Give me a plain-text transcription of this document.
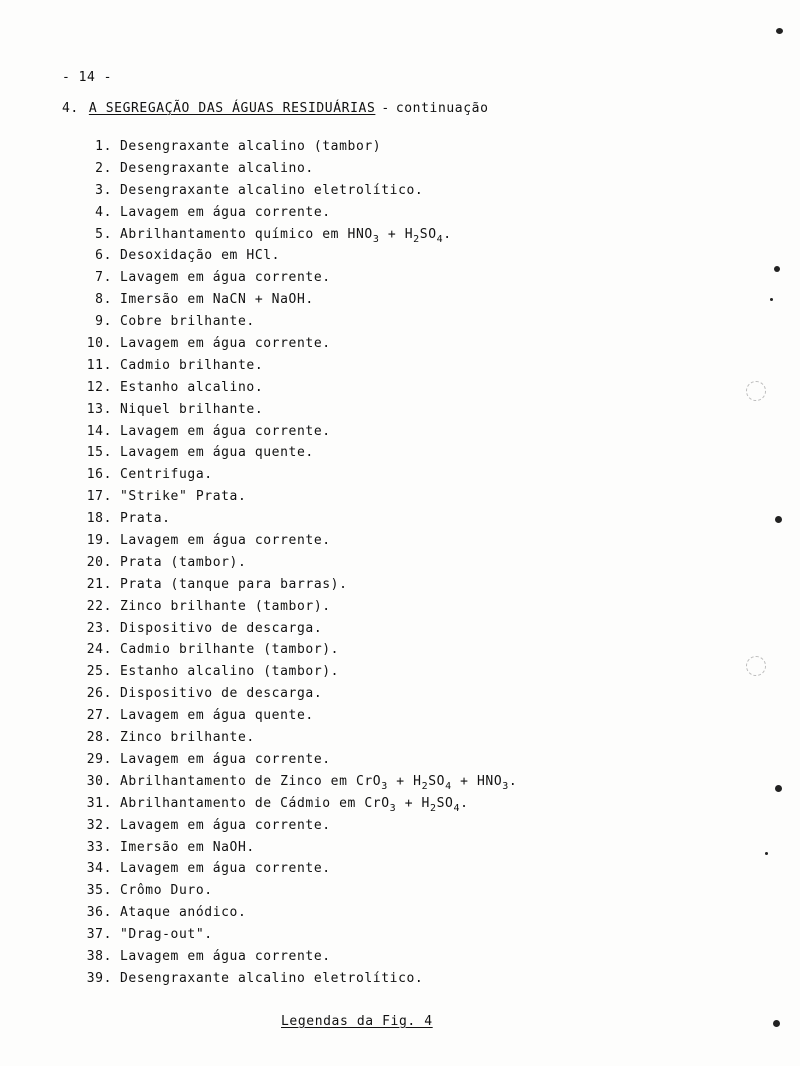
- 14 -
4. A SEGREGAÇÃO DAS ÁGUAS RESIDUÁRIAS - continuação
1. Desengraxante alcalino (tambor)
2. Desengraxante alcalino.
3. Desengraxante alcalino eletrolítico.
4. Lavagem em água corrente.
5. Abrilhantamento químico em $HNO_3 + H_2SO_4$.
6. Desoxidação em HCl.
7. Lavagem em água corrente.
8. Imersão em NaCN + NaOH.
9. Cobre brilhante.
10. Lavagem em água corrente.
11. Cadmio brilhante.
12. Estanho alcalino.
13. Niquel brilhante.
14. Lavagem em água corrente.
15. Lavagem em água quente.
16. Centrifuga.
17. "Strike" Prata.
18. Prata.
19. Lavagem em água corrente.
20. Prata (tambor).
21. Prata (tanque para barras).
22. Zinco brilhante (tambor).
23. Dispositivo de descarga.
24. Cadmio brilhante (tambor).
25. Estanho alcalino (tambor).
26. Dispositivo de descarga.
27. Lavagem em água quente.
28. Zinco brilhante.
29. Lavagem em água corrente.
30. Abrilhantamento de Zinco em $CrO_3 + H_2SO_4 + HNO_3$.
31. Abrilhantamento de Cádmio em $CrO_3 + H_2SO_4$.
32. Lavagem em água corrente.
33. Imersão em NaOH.
34. Lavagem em água corrente.
35. Crômo Duro.
36. Ataque anódico.
37. "Drag-out".
38. Lavagem em água corrente.
39. Desengraxante alcalino eletrolítico.
Legendas da Fig. 4
